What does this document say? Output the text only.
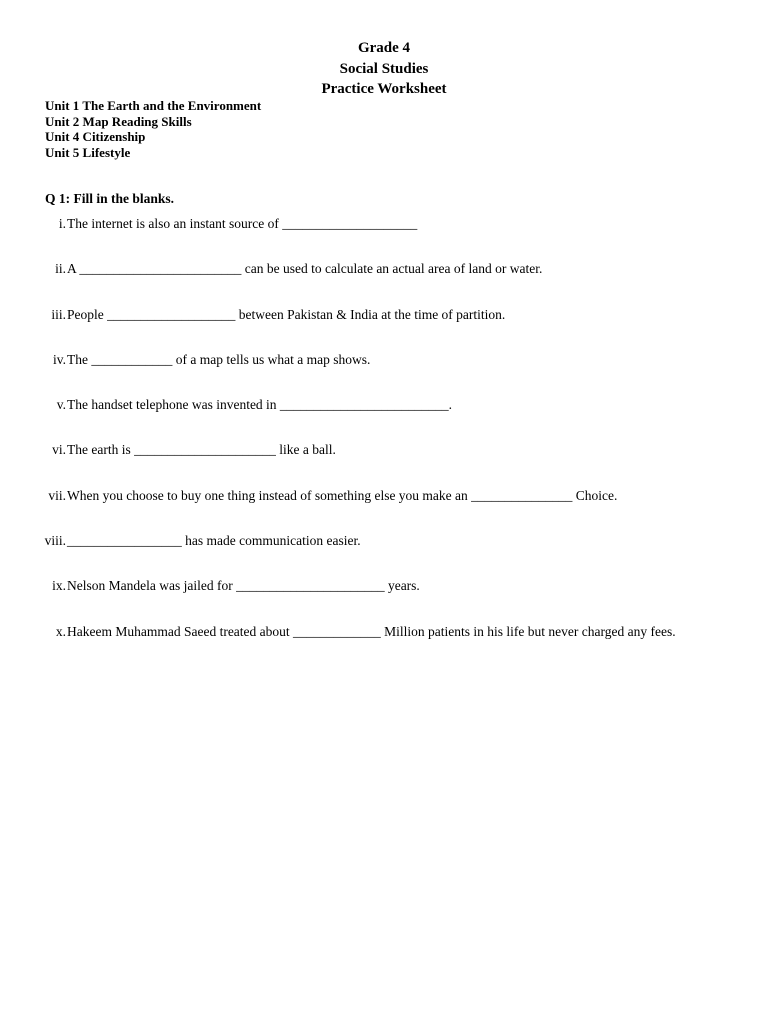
Grade 4
Social Studies
Practice Worksheet
Unit 1 The Earth and the Environment
Unit 2 Map Reading Skills
Unit 4 Citizenship
Unit 5 Lifestyle
Q 1: Fill in the blanks.
i. The internet is also an instant source of ____________________
ii. A ________________________ can be used to calculate an actual area of land or water.
iii. People ___________________ between Pakistan & India at the time of partition.
iv. The ____________ of a map tells us what a map shows.
v. The handset telephone was invented in _________________________.
vi. The earth is _____________________ like a ball.
vii. When you choose to buy one thing instead of something else you make an _______________ Choice.
viii. _________________ has made communication easier.
ix. Nelson Mandela was jailed for ______________________ years.
x. Hakeem Muhammad Saeed treated about _____________ Million patients in his life but never charged any fees.
